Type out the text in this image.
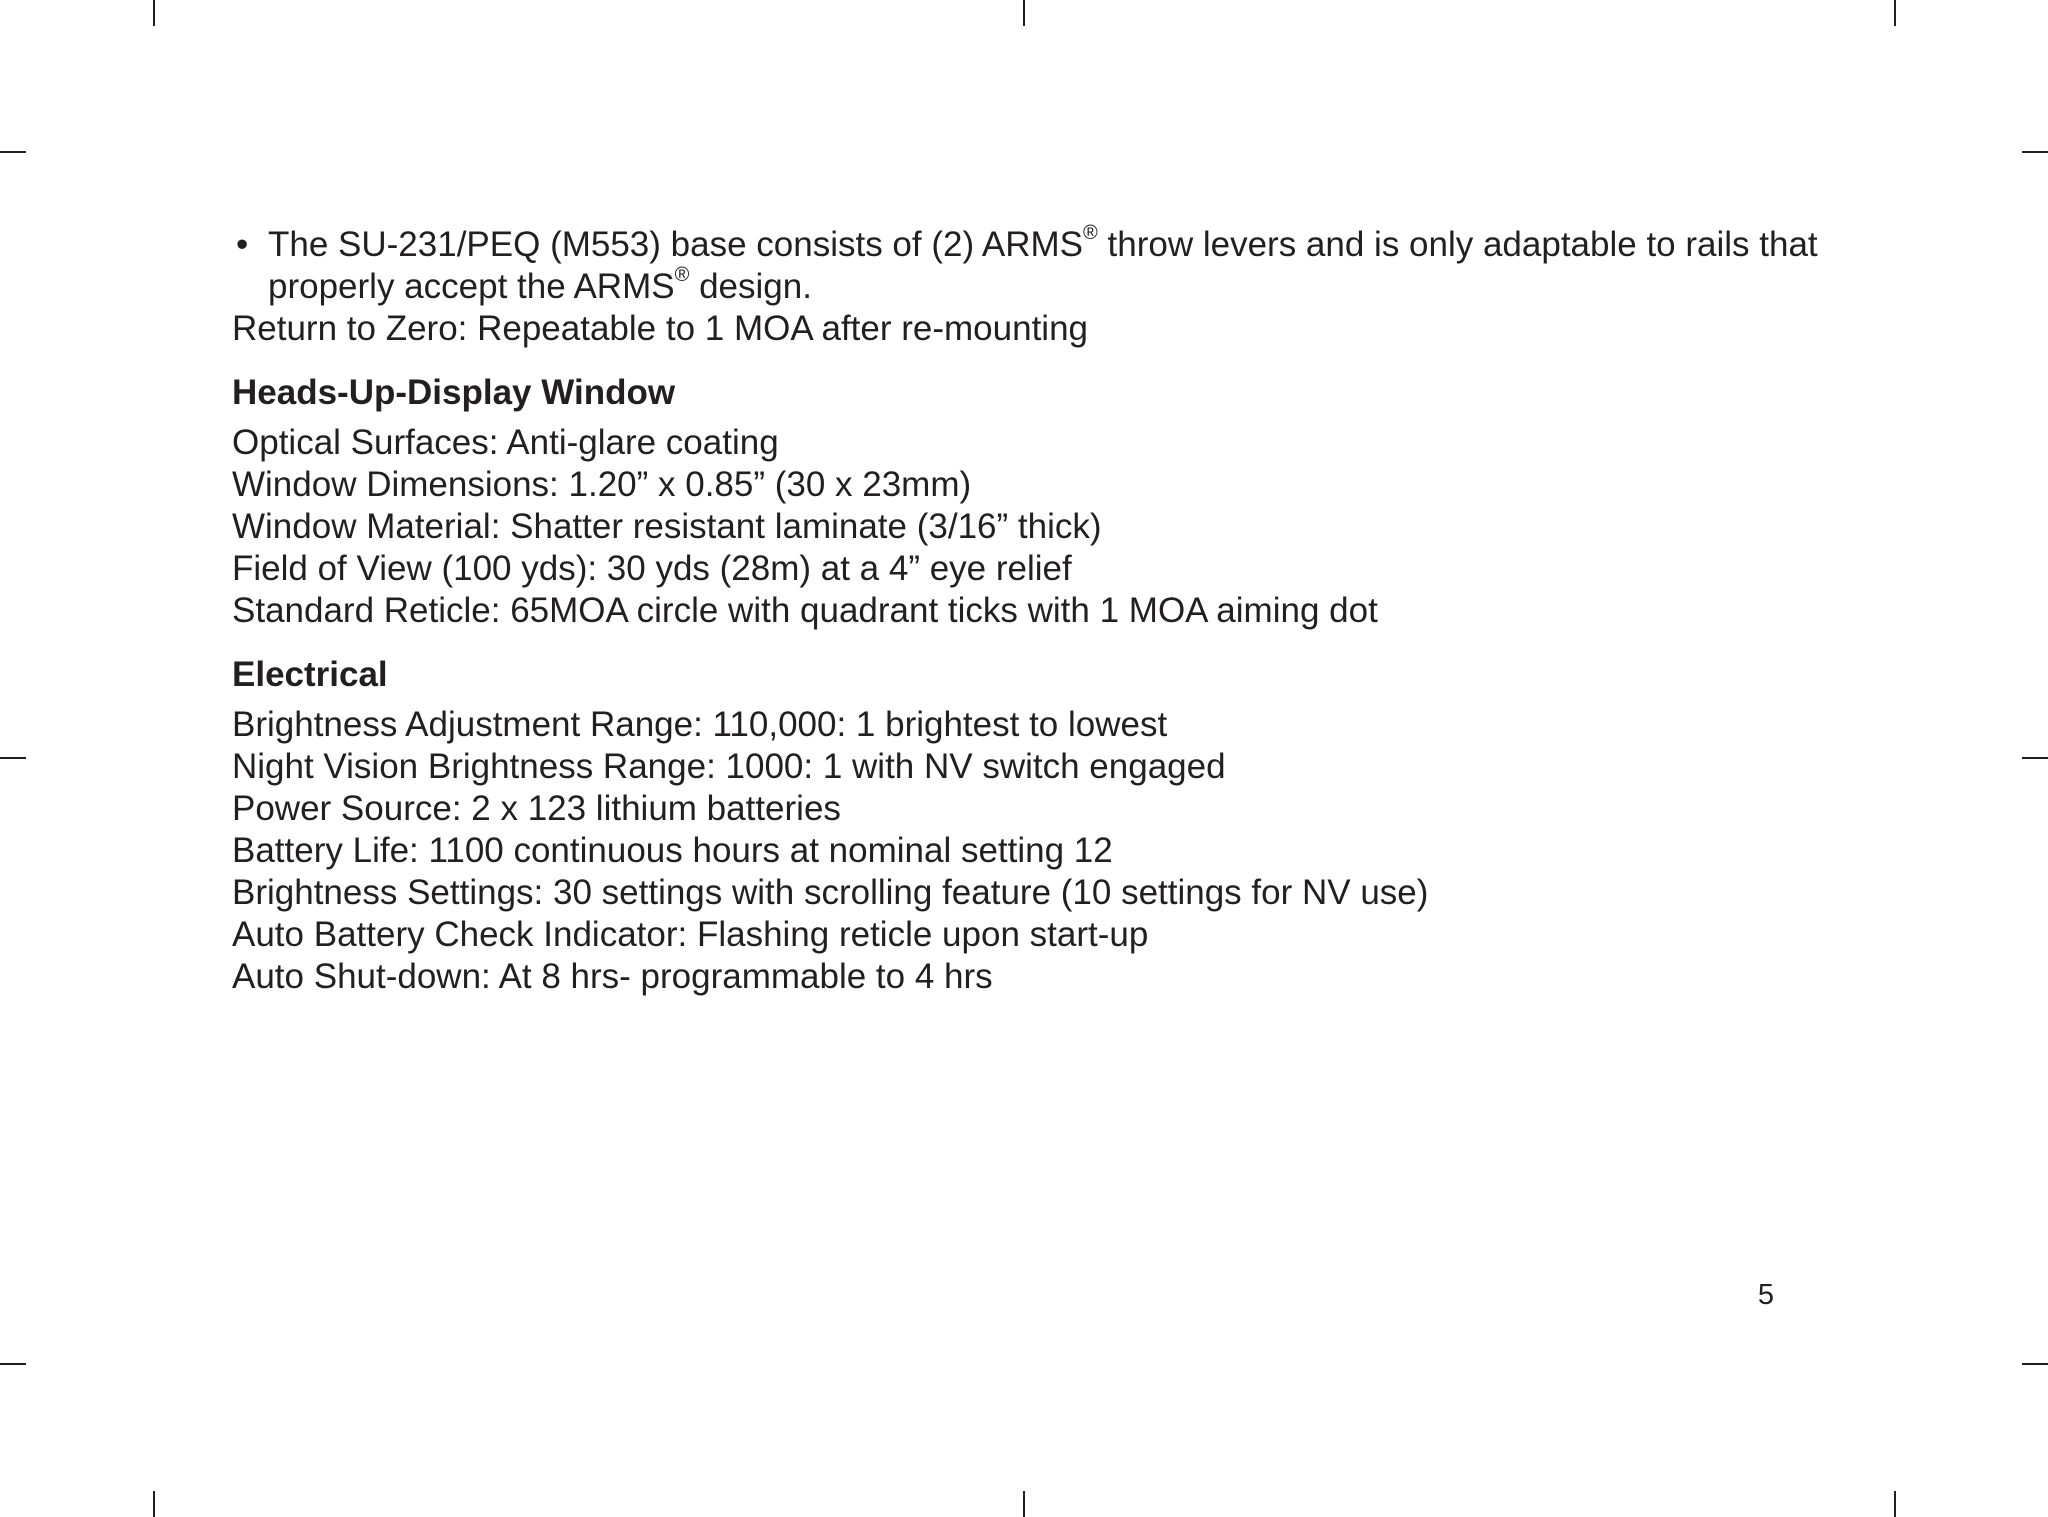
• The SU-231/PEQ (M553) base consists of (2) ARMS® throw levers and is only adaptable to rails that properly accept the ARMS® design.
Return to Zero: Repeatable to 1 MOA after re-mounting
Heads-Up-Display Window
Optical Surfaces: Anti-glare coating
Window Dimensions: 1.20” x 0.85” (30 x 23mm)
Window Material: Shatter resistant laminate (3/16” thick)
Field of View (100 yds): 30 yds (28m) at a 4” eye relief
Standard Reticle: 65MOA circle with quadrant ticks with 1 MOA aiming dot
Electrical
Brightness Adjustment Range: 110,000: 1 brightest to lowest
Night Vision Brightness Range: 1000: 1 with NV switch engaged
Power Source: 2 x 123 lithium batteries
Battery Life: 1100 continuous hours at nominal setting 12
Brightness Settings: 30 settings with scrolling feature (10 settings for NV use)
Auto Battery Check Indicator: Flashing reticle upon start-up
Auto Shut-down: At 8 hrs- programmable to 4 hrs
5
